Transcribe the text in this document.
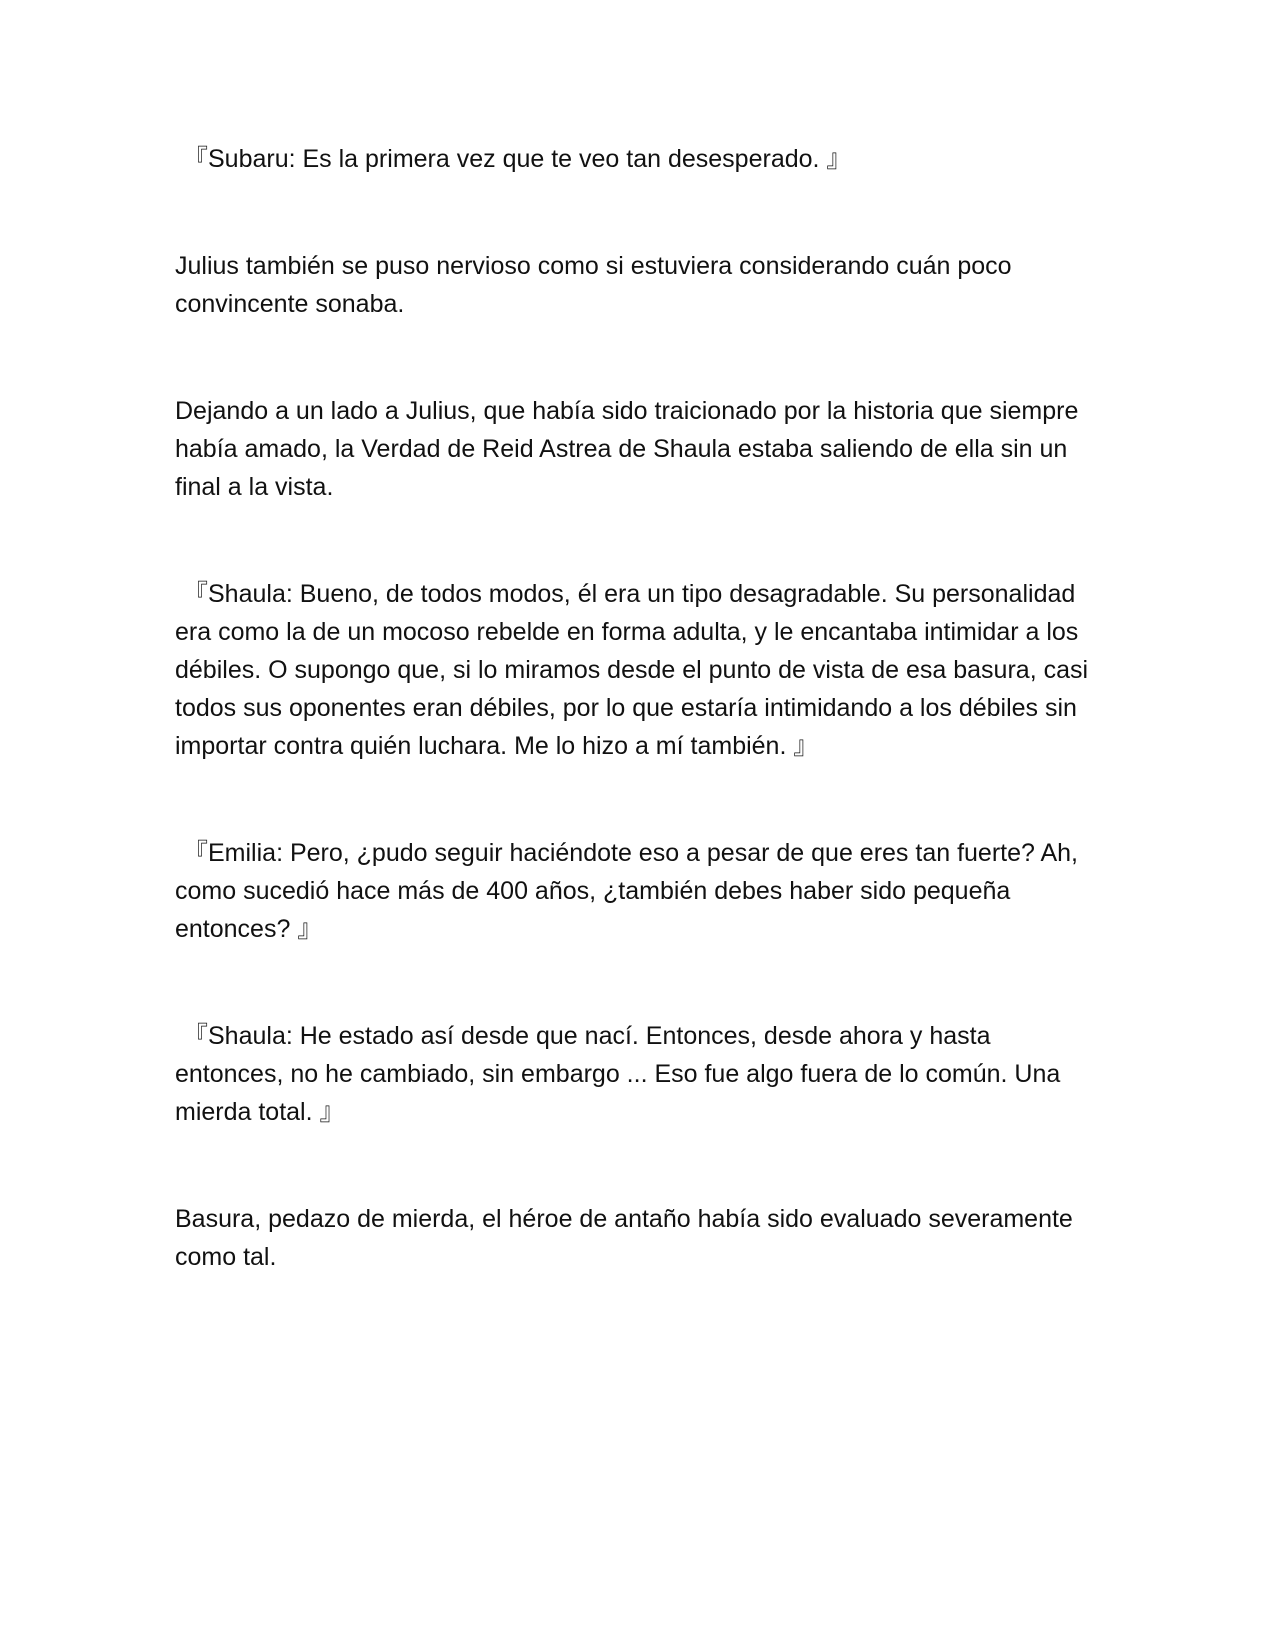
『Subaru: Es la primera vez que te veo tan desesperado. 』

Julius también se puso nervioso como si estuviera considerando cuán poco convincente sonaba.

Dejando a un lado a Julius, que había sido traicionado por la historia que siempre había amado, la Verdad de Reid Astrea de Shaula estaba saliendo de ella sin un final a la vista.

『Shaula: Bueno, de todos modos, él era un tipo desagradable. Su personalidad era como la de un mocoso rebelde en forma adulta, y le encantaba intimidar a los débiles. O supongo que, si lo miramos desde el punto de vista de esa basura, casi todos sus oponentes eran débiles, por lo que estaría intimidando a los débiles sin importar contra quién luchara. Me lo hizo a mí también. 』

『Emilia: Pero, ¿pudo seguir haciéndote eso a pesar de que eres tan fuerte? Ah, como sucedió hace más de 400 años, ¿también debes haber sido pequeña entonces? 』

『Shaula: He estado así desde que nací. Entonces, desde ahora y hasta entonces, no he cambiado, sin embargo ... Eso fue algo fuera de lo común. Una mierda total. 』

Basura, pedazo de mierda, el héroe de antaño había sido evaluado severamente como tal.
